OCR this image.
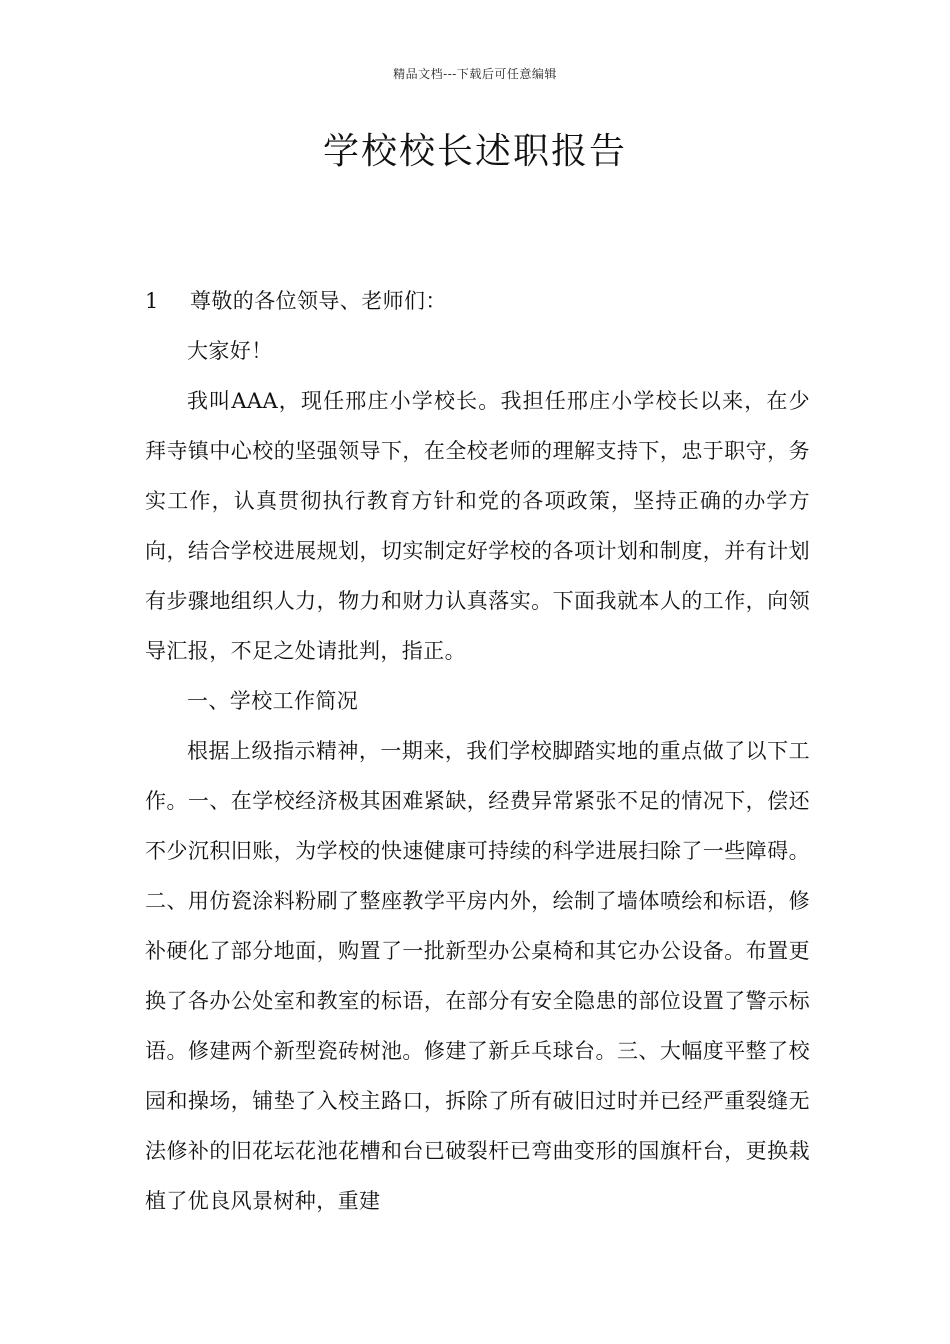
精品文档---下载后可任意编辑
学校校长述职报告
1	尊敬的各位领导、老师们：

大家好！

我叫AAA，现任邢庄小学校长。我担任邢庄小学校长以来，在少拜寺镇中心校的坚强领导下，在全校老师的理解支持下，忠于职守，务实工作，认真贯彻执行教育方针和党的各项政策，坚持正确的办学方向，结合学校进展规划，切实制定好学校的各项计划和制度，并有计划有步骤地组织人力，物力和财力认真落实。下面我就本人的工作，向领导汇报，不足之处请批判，指正。

一、学校工作简况

根据上级指示精神，一期来，我们学校脚踏实地的重点做了以下工作。一、在学校经济极其困难紧缺，经费异常紧张不足的情况下，偿还不少沉积旧账，为学校的快速健康可持续的科学进展扫除了一些障碍。二、用仿瓷涂料粉刷了整座教学平房内外，绘制了墙体喷绘和标语，修补硬化了部分地面，购置了一批新型办公桌椅和其它办公设备。布置更换了各办公处室和教室的标语，在部分有安全隐患的部位设置了警示标语。修建两个新型瓷砖树池。修建了新乒乓球台。三、大幅度平整了校园和操场，铺垫了入校主路口，拆除了所有破旧过时并已经严重裂缝无法修补的旧花坛花池花槽和台已破裂杆已弯曲变形的国旗杆台，更换栽植了优良风景树种，重建
